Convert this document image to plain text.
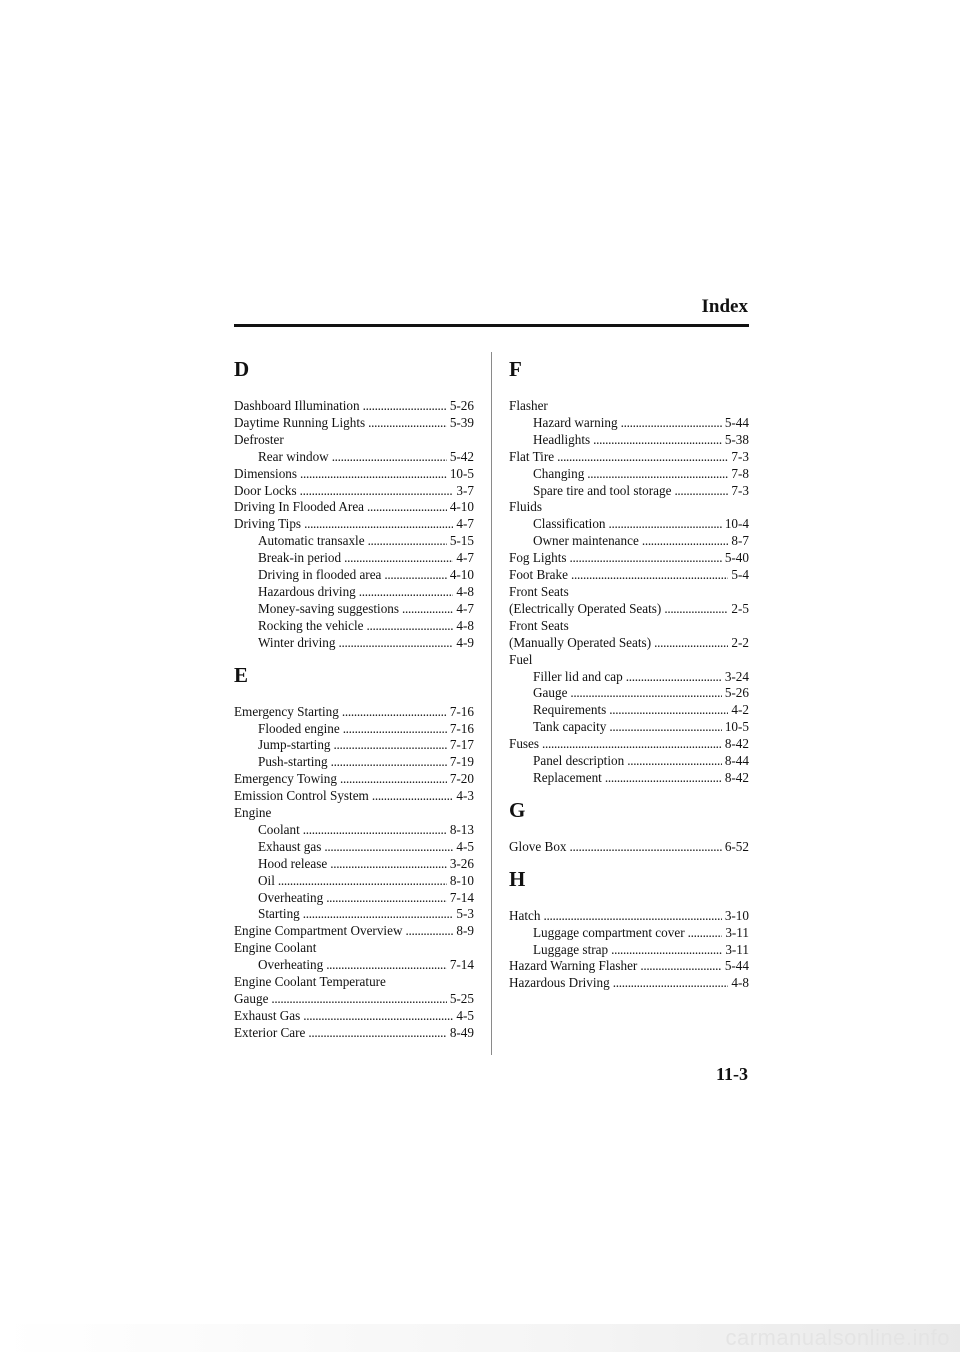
Index
D
Dashboard Illumination . . .	5-26
Daytime Running Lights . . .	5-39
Defroster
Rear window . . .	5-42
Dimensions . . .	10-5
Door Locks . . .	3-7
Driving In Flooded Area . . .	4-10
Driving Tips . . .	4-7
Automatic transaxle . . .	5-15
Break-in period . . .	4-7
Driving in flooded area . . .	4-10
Hazardous driving . . .	4-8
Money-saving suggestions . . .	4-7
Rocking the vehicle . . .	4-8
Winter driving . . .	4-9
E
Emergency Starting . . .	7-16
Flooded engine . . .	7-16
Jump-starting . . .	7-17
Push-starting . . .	7-19
Emergency Towing . . .	7-20
Emission Control System . . .	4-3
Engine
Coolant . . .	8-13
Exhaust gas . . .	4-5
Hood release . . .	3-26
Oil . . .	8-10
Overheating . . .	7-14
Starting . . .	5-3
Engine Compartment Overview . . .	8-9
Engine Coolant
Overheating . . .	7-14
Engine Coolant Temperature
Gauge . . .	5-25
Exhaust Gas . . .	4-5
Exterior Care . . .	8-49
F
Flasher
Hazard warning . . .	5-44
Headlights . . .	5-38
Flat Tire . . .	7-3
Changing . . .	7-8
Spare tire and tool storage . . .	7-3
Fluids
Classification . . .	10-4
Owner maintenance . . .	8-7
Fog Lights . . .	5-40
Foot Brake . . .	5-4
Front Seats
(Electrically Operated Seats) . . .	2-5
Front Seats
(Manually Operated Seats) . . .	2-2
Fuel
Filler lid and cap . . .	3-24
Gauge . . .	5-26
Requirements . . .	4-2
Tank capacity . . .	10-5
Fuses . . .	8-42
Panel description . . .	8-44
Replacement . . .	8-42
G
Glove Box . . .	6-52
H
Hatch . . .	3-10
Luggage compartment cover . . .	3-11
Luggage strap . . .	3-11
Hazard Warning Flasher . . .	5-44
Hazardous Driving . . .	4-8
11-3
carmanualsonline.info
